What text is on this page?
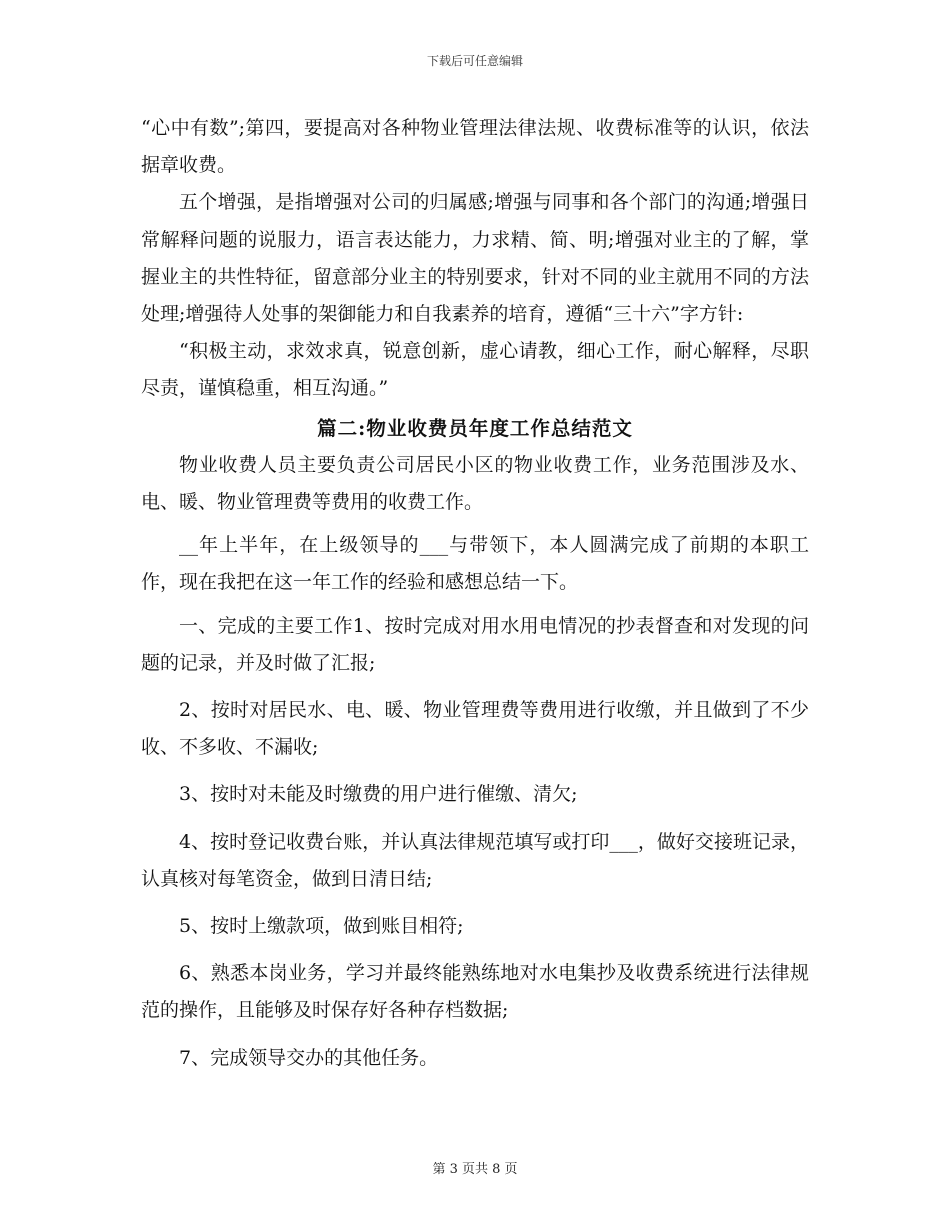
下载后可任意编辑

“心中有数”;第四，要提高对各种物业管理法律法规、收费标准等的认识，依法据章收费。

五个增强，是指增强对公司的归属感;增强与同事和各个部门的沟通;增强日常解释问题的说服力，语言表达能力，力求精、简、明;增强对业主的了解，掌握业主的共性特征，留意部分业主的特别要求，针对不同的业主就用不同的方法处理;增强待人处事的架御能力和自我素养的培育，遵循“三十六”字方针:

“积极主动，求效求真，锐意创新，虚心请教，细心工作，耐心解释，尽职尽责，谨慎稳重，相互沟通。”

篇二:物业收费员年度工作总结范文

物业收费人员主要负责公司居民小区的物业收费工作，业务范围涉及水、电、暖、物业管理费等费用的收费工作。

__年上半年，在上级领导的___与带领下，本人圆满完成了前期的本职工作，现在我把在这一年工作的经验和感想总结一下。

一、完成的主要工作1、按时完成对用水用电情况的抄表督查和对发现的问题的记录，并及时做了汇报;

2、按时对居民水、电、暖、物业管理费等费用进行收缴，并且做到了不少收、不多收、不漏收;

3、按时对未能及时缴费的用户进行催缴、清欠;

4、按时登记收费台账，并认真法律规范填写或打印___，做好交接班记录，认真核对每笔资金，做到日清日结;

5、按时上缴款项，做到账目相符;

6、熟悉本岗业务，学习并最终能熟练地对水电集抄及收费系统进行法律规范的操作，且能够及时保存好各种存档数据;

7、完成领导交办的其他任务。

第 3 页共 8 页
